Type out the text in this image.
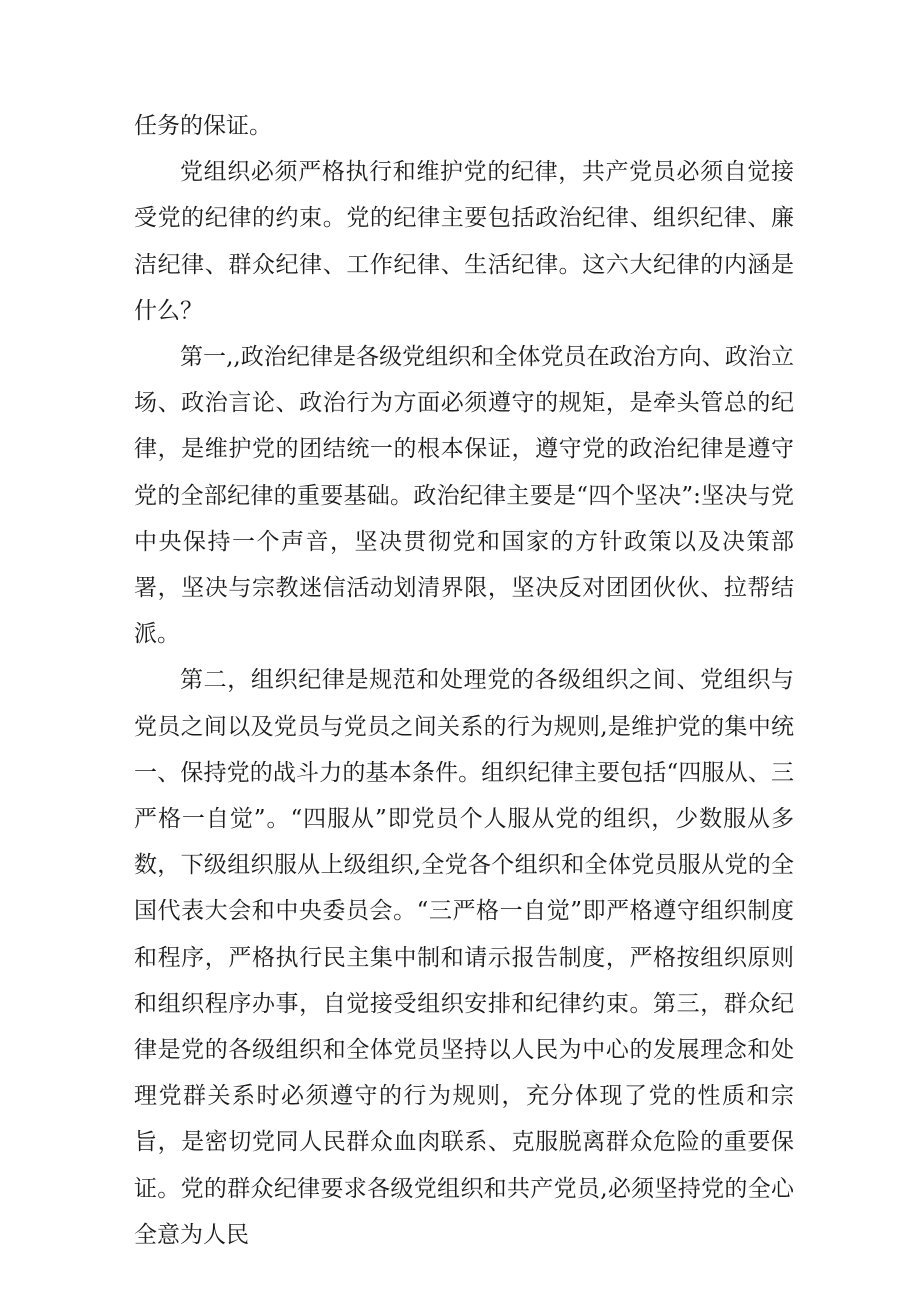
任务的保证。

党组织必须严格执行和维护党的纪律，共产党员必须自觉接受党的纪律的约束。党的纪律主要包括政治纪律、组织纪律、廉洁纪律、群众纪律、工作纪律、生活纪律。这六大纪律的内涵是什么？

第一,,政治纪律是各级党组织和全体党员在政治方向、政治立场、政治言论、政治行为方面必须遵守的规矩，是牵头管总的纪律，是维护党的团结统一的根本保证，遵守党的政治纪律是遵守党的全部纪律的重要基础。政治纪律主要是“四个坚决”:坚决与党中央保持一个声音，坚决贯彻党和国家的方针政策以及决策部署，坚决与宗教迷信活动划清界限，坚决反对团团伙伙、拉帮结派。

第二，组织纪律是规范和处理党的各级组织之间、党组织与党员之间以及党员与党员之间关系的行为规则,是维护党的集中统一、保持党的战斗力的基本条件。组织纪律主要包括“四服从、三严格一自觉”。“四服从”即党员个人服从党的组织，少数服从多数，下级组织服从上级组织,全党各个组织和全体党员服从党的全国代表大会和中央委员会。“三严格一自觉”即严格遵守组织制度和程序，严格执行民主集中制和请示报告制度，严格按组织原则和组织程序办事，自觉接受组织安排和纪律约束。第三，群众纪律是党的各级组织和全体党员坚持以人民为中心的发展理念和处理党群关系时必须遵守的行为规则，充分体现了党的性质和宗旨，是密切党同人民群众血肉联系、克服脱离群众危险的重要保证。党的群众纪律要求各级党组织和共产党员,必须坚持党的全心全意为人民
